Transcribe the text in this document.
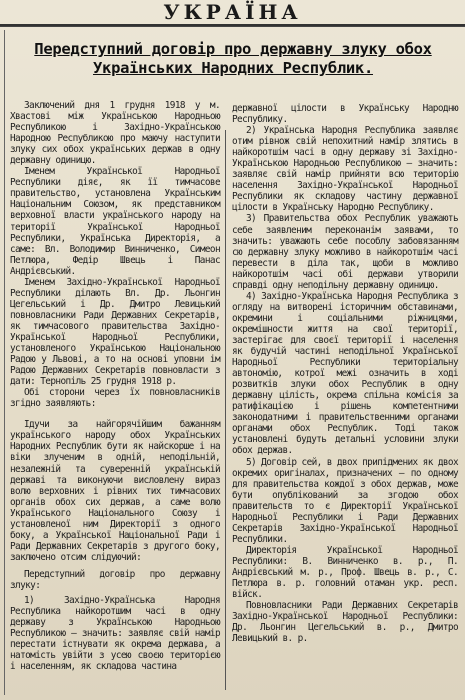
УКРАЇНА
Передступний договір про державну злуку обох Українських Народних Республик.

Заключений дня 1 грудня 1918 у м. Хвастові між Українською Народньою Республикою і Західно-Українською Народною Республикою про маючу наступити злуку сих обох українських держав в одну державну одиницю.

Іменем Української Народньої Республики діяє, як її тимчасове правительство, установлена Українським Національним Союзом, як представником верховної власти українського народу на території Української Народньої Республики, Українська Директорія, а саме: Вл. Володимир Винниченко, Симеон Петлюра, Федір Швець і Панас Андрієвський.

Іменем Західно-Української Народньої Республики ділають Вл. Др. Льонгин Цегельський і Др. Дмитро Левицький повновласники Ради Державних Секретарів, як тимчасового правительства Західно-Української Народньої Республики, установленого Українською Національною Радою у Львові, а то на основі уповни ім Радою Державних Секретарів повновласти з дати: Тернопіль 25 грудня 1918 р.

Обі сторони через їх повновласників згідно заявляють:

Ідучи за найгорячійшим бажанням українського народу обох Українських Народних Республик бути як найскорше і на віки злученим в одній, неподільній, незалежній та суверенній українській державі та виконуючи висловлену вираз волю верховних і рівних тих тимчасових органів обох сих держав, а саме волю Українського Національного Союзу і установленої ним Директорії з одного боку, а Української Національної Ради і Ради Державних Секретарів з другого боку, заключено отсим слідуючий:

Передступний договір про державну злуку:

1) Західно-Українська Народня Республика найкоротшим часі в одну державу з Українською Народньою Республикою — значить: заявляє свій намір перестати істнувати як окрема держава, а натомість увійти з усею своєю територією і населенням, як складова частина

державної цілости в Українську Народню Республику.

2) Українська Народня Республика заявляє отим рівнож свій непохитний намір злятись в найкоротшім часі в одну державу зі Західно-Українською Народньою Республикою — значить: заявляє свій намір прийняти всю територію населення Західно-Української Народньої Республики як складову частину державної цілости в Українську Народню Республику.

3) Правительства обох Республик уважають себе заявленим переконанім заявами, то значить: уважають себе пособлу забовязанням сю державну злуку можливо в найкоротшім часі перевести в діла так, щоби в можливо найкоротшім часі обі держави утворили справді одну неподільну державну одиницю.

4) Західно-Українська Народня Республика з огляду на витворені історичним обставинами, окремини і соціальними ріжницями, окремішности життя на свої території, застерігає для своєї території і населення як будучій частині неподільної Української Народньої Республики територіальну автономію, котрої межі означить в ході розвитків злуки обох Республик в одну державну цілість, окрема спільна комісія за ратифікацією і рішень компетентними законодатними і правительственними органами органами обох Республик. Тоді також установлені будуть детальні условини злуки обох держав.

5) Договір сей, в двох припідмених як двох окремих оригіналах, призначених — по одному для правительства кождої з обох держав, може бути опублікований за згодою обох правительств то є Директорії Української Народньої Республики і Ради Державних Секретарів Західно-Української Народньої Республики.

Директорія Української Народньої Республики: В. Винниченко в. р., П. Андрієвський м. р., Проф. Швець в. р., С. Петлюра в. р. головний отаман укр. респ. війск.

Повновласники Ради Державних Секретарів Західно-Української Народньої Республики: Др. Льонгин Цегельський в. р., Дмитро Левицький в. р.
